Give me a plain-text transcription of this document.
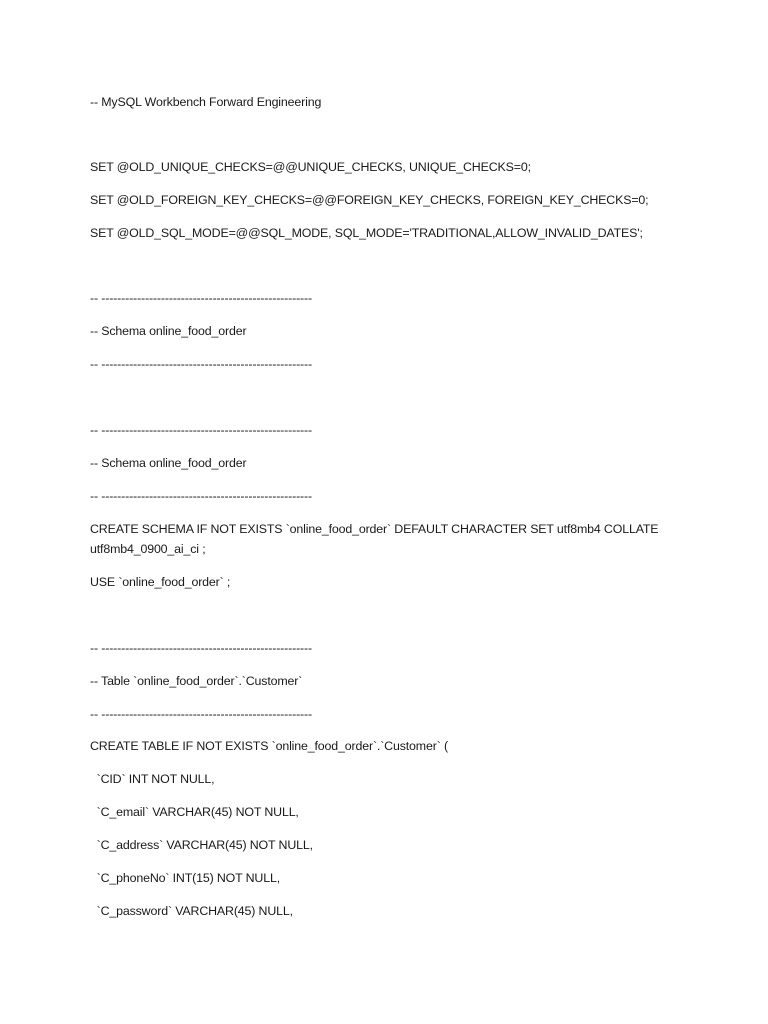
-- MySQL Workbench Forward Engineering
SET @OLD_UNIQUE_CHECKS=@@UNIQUE_CHECKS, UNIQUE_CHECKS=0;
SET @OLD_FOREIGN_KEY_CHECKS=@@FOREIGN_KEY_CHECKS, FOREIGN_KEY_CHECKS=0;
SET @OLD_SQL_MODE=@@SQL_MODE, SQL_MODE='TRADITIONAL,ALLOW_INVALID_DATES';
-- -----------------------------------------------------
-- Schema online_food_order
-- -----------------------------------------------------
-- -----------------------------------------------------
-- Schema online_food_order
-- -----------------------------------------------------
CREATE SCHEMA IF NOT EXISTS `online_food_order` DEFAULT CHARACTER SET utf8mb4 COLLATE utf8mb4_0900_ai_ci ;
USE `online_food_order` ;
-- -----------------------------------------------------
-- Table `online_food_order`.`Customer`
-- -----------------------------------------------------
CREATE TABLE IF NOT EXISTS `online_food_order`.`Customer` (
`CID` INT NOT NULL,
`C_email` VARCHAR(45) NOT NULL,
`C_address` VARCHAR(45) NOT NULL,
`C_phoneNo` INT(15) NOT NULL,
`C_password` VARCHAR(45) NULL,
